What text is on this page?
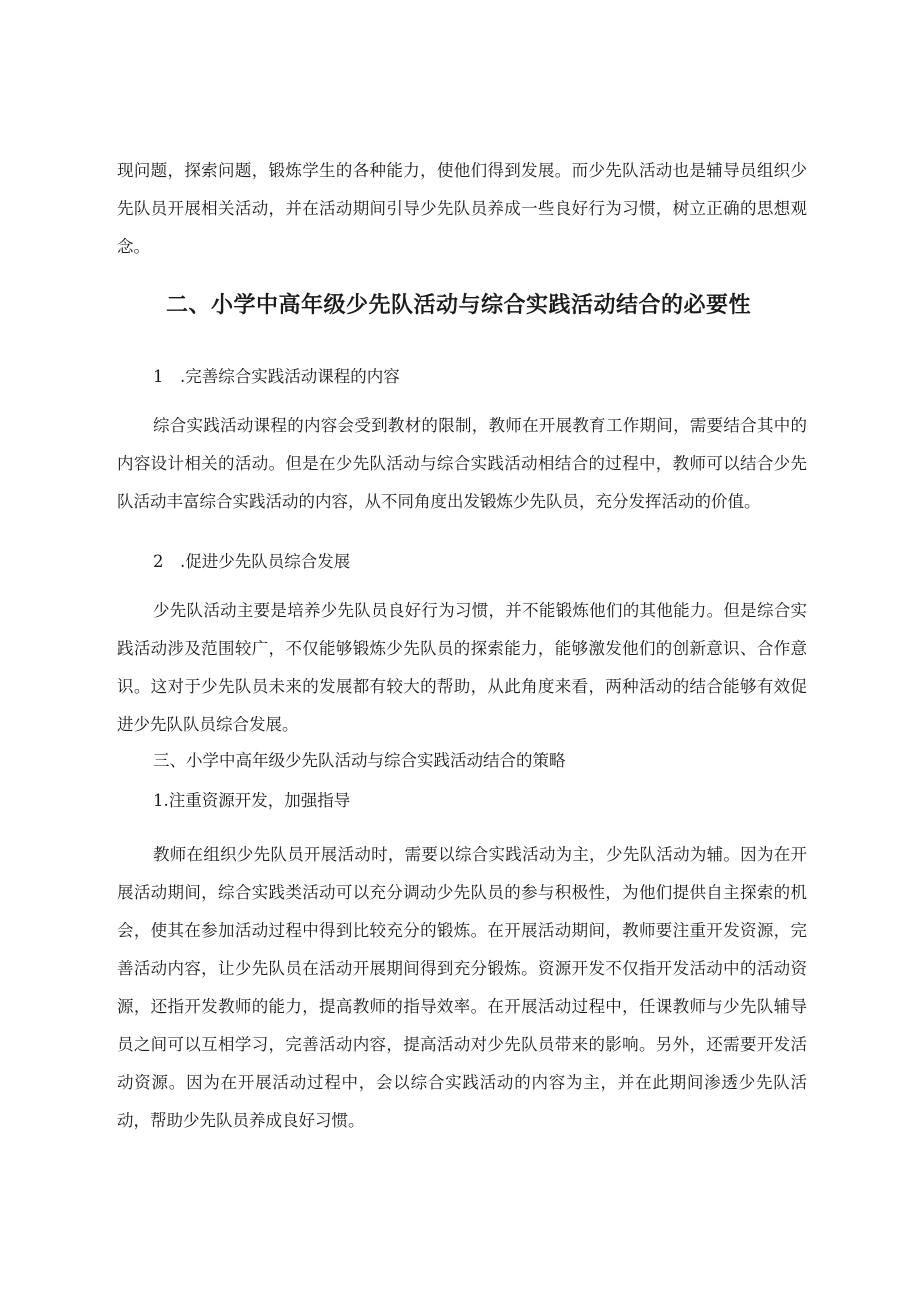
现问题，探索问题，锻炼学生的各种能力，使他们得到发展。而少先队活动也是辅导员组织少先队员开展相关活动，并在活动期间引导少先队员养成一些良好行为习惯，树立正确的思想观念。

二、小学中高年级少先队活动与综合实践活动结合的必要性

1　.完善综合实践活动课程的内容

综合实践活动课程的内容会受到教材的限制，教师在开展教育工作期间，需要结合其中的内容设计相关的活动。但是在少先队活动与综合实践活动相结合的过程中，教师可以结合少先队活动丰富综合实践活动的内容，从不同角度出发锻炼少先队员，充分发挥活动的价值。

2　.促进少先队员综合发展

少先队活动主要是培养少先队员良好行为习惯，并不能锻炼他们的其他能力。但是综合实践活动涉及范围较广，不仅能够锻炼少先队员的探索能力，能够激发他们的创新意识、合作意识。这对于少先队员未来的发展都有较大的帮助，从此角度来看，两种活动的结合能够有效促进少先队队员综合发展。

三、小学中高年级少先队活动与综合实践活动结合的策略

1.注重资源开发，加强指导

教师在组织少先队员开展活动时，需要以综合实践活动为主，少先队活动为辅。因为在开展活动期间，综合实践类活动可以充分调动少先队员的参与积极性，为他们提供自主探索的机会，使其在参加活动过程中得到比较充分的锻炼。在开展活动期间，教师要注重开发资源，完善活动内容，让少先队员在活动开展期间得到充分锻炼。资源开发不仅指开发活动中的活动资源，还指开发教师的能力，提高教师的指导效率。在开展活动过程中，任课教师与少先队辅导员之间可以互相学习，完善活动内容，提高活动对少先队员带来的影响。另外，还需要开发活动资源。因为在开展活动过程中，会以综合实践活动的内容为主，并在此期间渗透少先队活动，帮助少先队员养成良好习惯。
